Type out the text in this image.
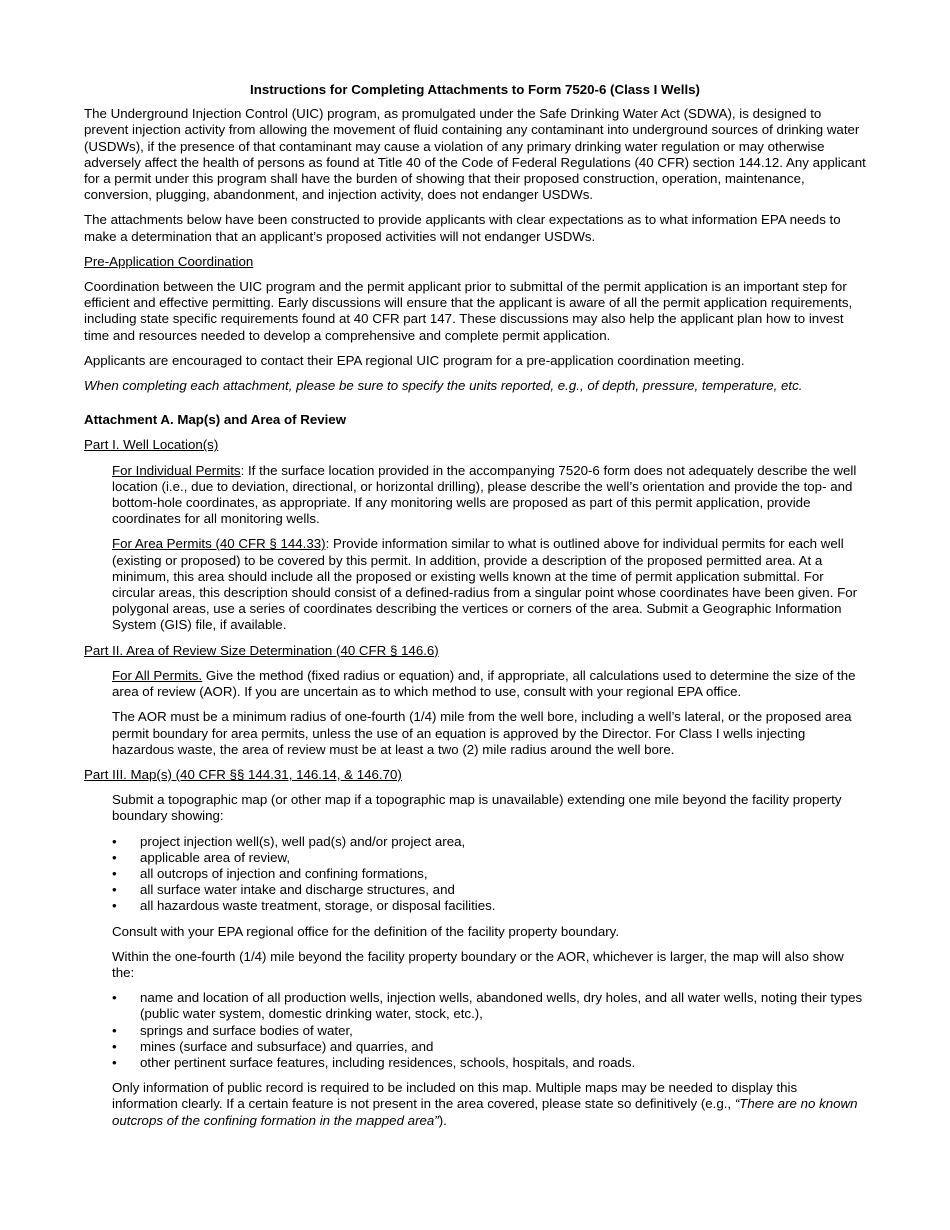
Instructions for Completing Attachments to Form 7520-6 (Class I Wells)

The Underground Injection Control (UIC) program, as promulgated under the Safe Drinking Water Act (SDWA), is designed to prevent injection activity from allowing the movement of fluid containing any contaminant into underground sources of drinking water (USDWs), if the presence of that contaminant may cause a violation of any primary drinking water regulation or may otherwise adversely affect the health of persons as found at Title 40 of the Code of Federal Regulations (40 CFR) section 144.12. Any applicant for a permit under this program shall have the burden of showing that their proposed construction, operation, maintenance, conversion, plugging, abandonment, and injection activity, does not endanger USDWs.

The attachments below have been constructed to provide applicants with clear expectations as to what information EPA needs to make a determination that an applicant’s proposed activities will not endanger USDWs.

Pre-Application Coordination

Coordination between the UIC program and the permit applicant prior to submittal of the permit application is an important step for efficient and effective permitting. Early discussions will ensure that the applicant is aware of all the permit application requirements, including state specific requirements found at 40 CFR part 147. These discussions may also help the applicant plan how to invest time and resources needed to develop a comprehensive and complete permit application.

Applicants are encouraged to contact their EPA regional UIC program for a pre-application coordination meeting.

When completing each attachment, please be sure to specify the units reported, e.g., of depth, pressure, temperature, etc.

Attachment A. Map(s) and Area of Review

Part I. Well Location(s)

For Individual Permits: If the surface location provided in the accompanying 7520-6 form does not adequately describe the well location (i.e., due to deviation, directional, or horizontal drilling), please describe the well’s orientation and provide the top- and bottom-hole coordinates, as appropriate. If any monitoring wells are proposed as part of this permit application, provide coordinates for all monitoring wells.

For Area Permits (40 CFR § 144.33): Provide information similar to what is outlined above for individual permits for each well (existing or proposed) to be covered by this permit. In addition, provide a description of the proposed permitted area. At a minimum, this area should include all the proposed or existing wells known at the time of permit application submittal. For circular areas, this description should consist of a defined-radius from a singular point whose coordinates have been given. For polygonal areas, use a series of coordinates describing the vertices or corners of the area. Submit a Geographic Information System (GIS) file, if available.

Part II. Area of Review Size Determination (40 CFR § 146.6)

For All Permits. Give the method (fixed radius or equation) and, if appropriate, all calculations used to determine the size of the area of review (AOR). If you are uncertain as to which method to use, consult with your regional EPA office.

The AOR must be a minimum radius of one-fourth (1/4) mile from the well bore, including a well’s lateral, or the proposed area permit boundary for area permits, unless the use of an equation is approved by the Director. For Class I wells injecting hazardous waste, the area of review must be at least a two (2) mile radius around the well bore.

Part III. Map(s) (40 CFR §§ 144.31, 146.14, & 146.70)

Submit a topographic map (or other map if a topographic map is unavailable) extending one mile beyond the facility property boundary showing:

• project injection well(s), well pad(s) and/or project area,
• applicable area of review,
• all outcrops of injection and confining formations,
• all surface water intake and discharge structures, and
• all hazardous waste treatment, storage, or disposal facilities.

Consult with your EPA regional office for the definition of the facility property boundary.

Within the one-fourth (1/4) mile beyond the facility property boundary or the AOR, whichever is larger, the map will also show the:

• name and location of all production wells, injection wells, abandoned wells, dry holes, and all water wells, noting their types (public water system, domestic drinking water, stock, etc.),
• springs and surface bodies of water,
• mines (surface and subsurface) and quarries, and
• other pertinent surface features, including residences, schools, hospitals, and roads.

Only information of public record is required to be included on this map. Multiple maps may be needed to display this information clearly. If a certain feature is not present in the area covered, please state so definitively (e.g., “There are no known outcrops of the confining formation in the mapped area”).
